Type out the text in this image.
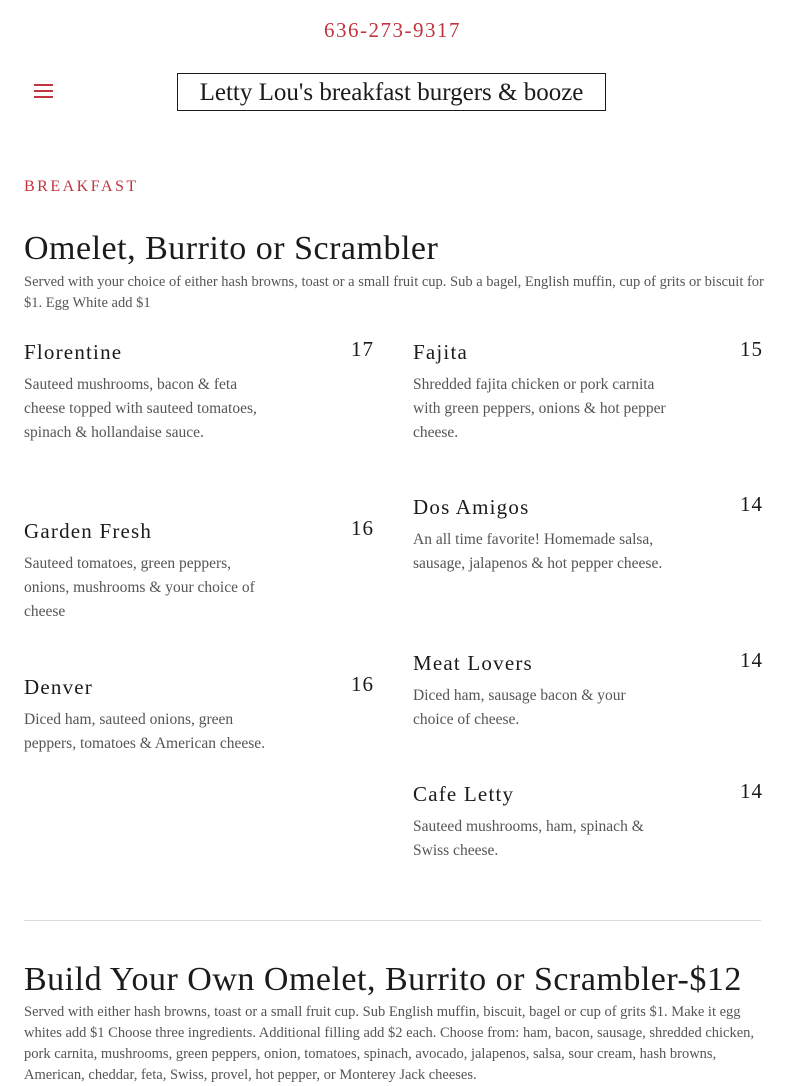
636-273-9317
Letty Lou's breakfast burgers & booze
BREAKFAST
Omelet, Burrito or Scrambler
Served with your choice of either hash browns, toast or a small fruit cup. Sub a bagel, English muffin, cup of grits or biscuit for $1. Egg White add $1
Florentine	17
Sauteed mushrooms, bacon & feta cheese topped with sauteed tomatoes, spinach & hollandaise sauce.
Garden Fresh	16
Sauteed tomatoes, green peppers, onions, mushrooms & your choice of cheese
Denver	16
Diced ham, sauteed onions, green peppers, tomatoes & American cheese.
Fajita	15
Shredded fajita chicken or pork carnita with green peppers, onions & hot pepper cheese.
Dos Amigos	14
An all time favorite! Homemade salsa, sausage, jalapenos & hot pepper cheese.
Meat Lovers	14
Diced ham, sausage bacon & your choice of cheese.
Cafe Letty	14
Sauteed mushrooms, ham, spinach & Swiss cheese.
Build Your Own Omelet, Burrito or Scrambler-$12
Served with either hash browns, toast or a small fruit cup. Sub English muffin, biscuit, bagel or cup of grits $1. Make it egg whites add $1 Choose three ingredients. Additional filling add $2 each. Choose from: ham, bacon, sausage, shredded chicken, pork carnita, mushrooms, green peppers, onion, tomatoes, spinach, avocado, jalapenos, salsa, sour cream, hash browns, American, cheddar, feta, Swiss, provel, hot pepper, or Monterey Jack cheeses.
